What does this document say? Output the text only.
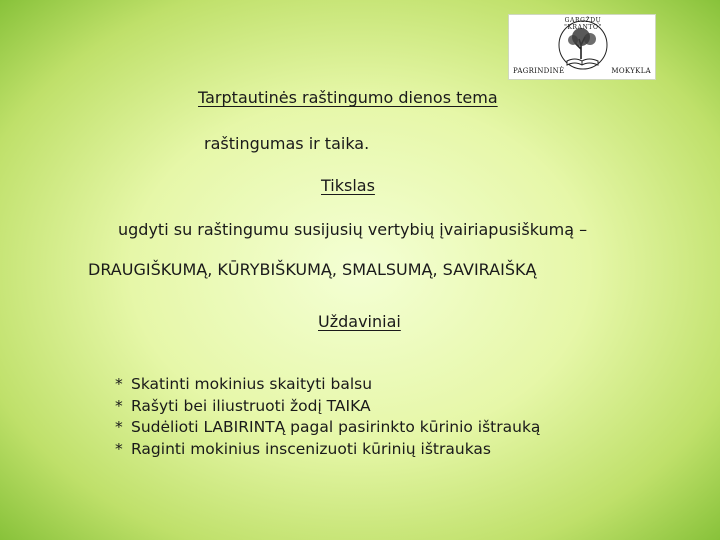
GARGŽDŲ "KRANTO"
PAGRINDINĖ	MOKYKLA
Tarptautinės raštingumo dienos tema
raštingumas ir taika.
Tikslas
ugdyti su raštingumu susijusių vertybių įvairiapusiškumą –
DRAUGIŠKUMĄ, KŪRYBIŠKUMĄ, SMALSUMĄ, SAVIRAIŠKĄ
Uždaviniai
* Skatinti mokinius skaityti balsu
* Rašyti bei iliustruoti žodį TAIKA
* Sudėlioti LABIRINTĄ pagal pasirinkto kūrinio ištrauką
* Raginti mokinius inscenizuoti kūrinių ištraukas
